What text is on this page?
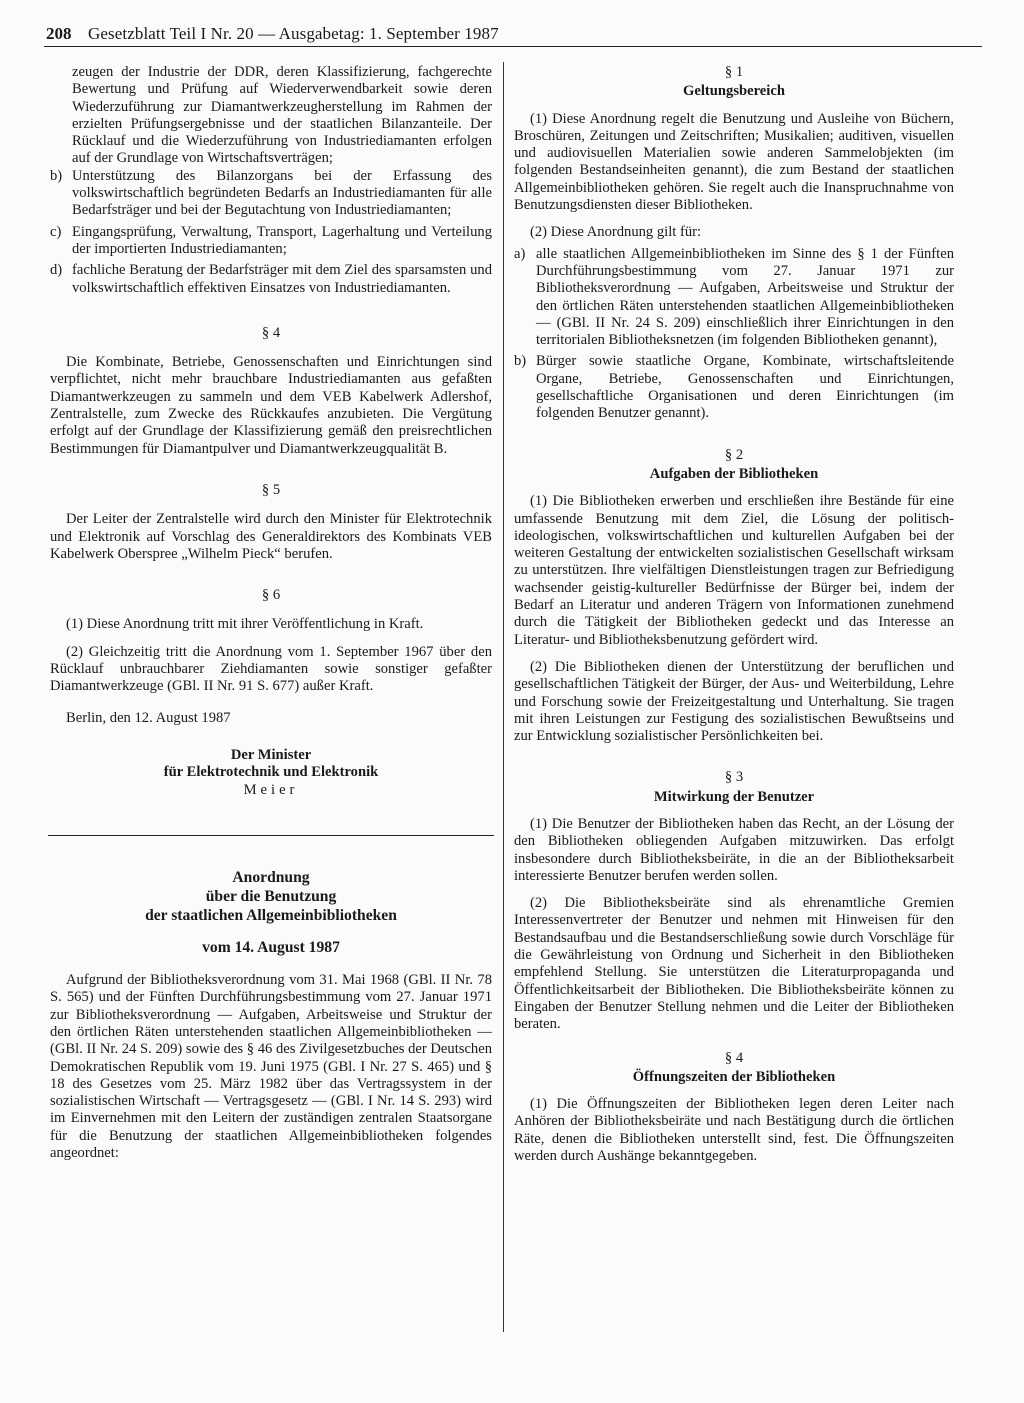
208 Gesetzblatt Teil I Nr. 20 — Ausgabetag: 1. September 1987

zeugen der Industrie der DDR, deren Klassifizierung, fachgerechte Bewertung und Prüfung auf Wiederverwendbarkeit sowie deren Wiederzuführung zur Diamantwerkzeugherstellung im Rahmen der erzielten Prüfungsergebnisse und der staatlichen Bilanzanteile. Der Rücklauf und die Wiederzuführung von Industriediamanten erfolgen auf der Grundlage von Wirtschaftsverträgen;

b) Unterstützung des Bilanzorgans bei der Erfassung des volkswirtschaftlich begründeten Bedarfs an Industriediamanten für alle Bedarfsträger und bei der Begutachtung von Industriediamanten;
c) Eingangsprüfung, Verwaltung, Transport, Lagerhaltung und Verteilung der importierten Industriediamanten;
d) fachliche Beratung der Bedarfsträger mit dem Ziel des sparsamsten und volkswirtschaftlich effektiven Einsatzes von Industriediamanten.
§ 4

Die Kombinate, Betriebe, Genossenschaften und Einrichtungen sind verpflichtet, nicht mehr brauchbare Industriediamanten aus gefaßten Diamantwerkzeugen zu sammeln und dem VEB Kabelwerk Adlershof, Zentralstelle, zum Zwecke des Rückkaufes anzubieten. Die Vergütung erfolgt auf der Grundlage der Klassifizierung gemäß den preisrechtlichen Bestimmungen für Diamantpulver und Diamantwerkzeugqualität B.

§ 5

Der Leiter der Zentralstelle wird durch den Minister für Elektrotechnik und Elektronik auf Vorschlag des Generaldirektors des Kombinats VEB Kabelwerk Oberspree „Wilhelm Pieck“ berufen.

§ 6

(1) Diese Anordnung tritt mit ihrer Veröffentlichung in Kraft.

(2) Gleichzeitig tritt die Anordnung vom 1. September 1967 über den Rücklauf unbrauchbarer Ziehdiamanten sowie sonstiger gefaßter Diamantwerkzeuge (GBl. II Nr. 91 S. 677) außer Kraft.

Berlin, den 12. August 1987

Der Minister
für Elektrotechnik und Elektronik
Meier
Anordnung
über die Benutzung
der staatlichen Allgemeinbibliotheken
vom 14. August 1987

Aufgrund der Bibliotheksverordnung vom 31. Mai 1968 (GBl. II Nr. 78 S. 565) und der Fünften Durchführungsbestimmung vom 27. Januar 1971 zur Bibliotheksverordnung — Aufgaben, Arbeitsweise und Struktur der den örtlichen Räten unterstehenden staatlichen Allgemeinbibliotheken — (GBl. II Nr. 24 S. 209) sowie des § 46 des Zivilgesetzbuches der Deutschen Demokratischen Republik vom 19. Juni 1975 (GBl. I Nr. 27 S. 465) und § 18 des Gesetzes vom 25. März 1982 über das Vertragssystem in der sozialistischen Wirtschaft — Vertragsgesetz — (GBl. I Nr. 14 S. 293) wird im Einvernehmen mit den Leitern der zuständigen zentralen Staatsorgane für die Benutzung der staatlichen Allgemeinbibliotheken folgendes angeordnet:

§ 1
Geltungsbereich

(1) Diese Anordnung regelt die Benutzung und Ausleihe von Büchern, Broschüren, Zeitungen und Zeitschriften; Musikalien; auditiven, visuellen und audiovisuellen Materialien sowie anderen Sammelobjekten (im folgenden Bestandseinheiten genannt), die zum Bestand der staatlichen Allgemeinbibliotheken gehören. Sie regelt auch die Inanspruchnahme von Benutzungsdiensten dieser Bibliotheken.

(2) Diese Anordnung gilt für:

a) alle staatlichen Allgemeinbibliotheken im Sinne des § 1 der Fünften Durchführungsbestimmung vom 27. Januar 1971 zur Bibliotheksverordnung — Aufgaben, Arbeitsweise und Struktur der den örtlichen Räten unterstehenden staatlichen Allgemeinbibliotheken — (GBl. II Nr. 24 S. 209) einschließlich ihrer Einrichtungen in den territorialen Bibliotheksnetzen (im folgenden Bibliotheken genannt),
b) Bürger sowie staatliche Organe, Kombinate, wirtschaftsleitende Organe, Betriebe, Genossenschaften und Einrichtungen, gesellschaftliche Organisationen und deren Einrichtungen (im folgenden Benutzer genannt).
§ 2
Aufgaben der Bibliotheken

(1) Die Bibliotheken erwerben und erschließen ihre Bestände für eine umfassende Benutzung mit dem Ziel, die Lösung der politisch-ideologischen, volkswirtschaftlichen und kulturellen Aufgaben bei der weiteren Gestaltung der entwickelten sozialistischen Gesellschaft wirksam zu unterstützen. Ihre vielfältigen Dienstleistungen tragen zur Befriedigung wachsender geistig-kultureller Bedürfnisse der Bürger bei, indem der Bedarf an Literatur und anderen Trägern von Informationen zunehmend durch die Tätigkeit der Bibliotheken gedeckt und das Interesse an Literatur- und Bibliotheksbenutzung gefördert wird.

(2) Die Bibliotheken dienen der Unterstützung der beruflichen und gesellschaftlichen Tätigkeit der Bürger, der Aus- und Weiterbildung, Lehre und Forschung sowie der Freizeitgestaltung und Unterhaltung. Sie tragen mit ihren Leistungen zur Festigung des sozialistischen Bewußtseins und zur Entwicklung sozialistischer Persönlichkeiten bei.

§ 3
Mitwirkung der Benutzer

(1) Die Benutzer der Bibliotheken haben das Recht, an der Lösung der den Bibliotheken obliegenden Aufgaben mitzuwirken. Das erfolgt insbesondere durch Bibliotheksbeiräte, in die an der Bibliotheksarbeit interessierte Benutzer berufen werden sollen.

(2) Die Bibliotheksbeiräte sind als ehrenamtliche Gremien Interessenvertreter der Benutzer und nehmen mit Hinweisen für den Bestandsaufbau und die Bestandserschließung sowie durch Vorschläge für die Gewährleistung von Ordnung und Sicherheit in den Bibliotheken empfehlend Stellung. Sie unterstützen die Literaturpropaganda und Öffentlichkeitsarbeit der Bibliotheken. Die Bibliotheksbeiräte können zu Eingaben der Benutzer Stellung nehmen und die Leiter der Bibliotheken beraten.

§ 4
Öffnungszeiten der Bibliotheken

(1) Die Öffnungszeiten der Bibliotheken legen deren Leiter nach Anhören der Bibliotheksbeiräte und nach Bestätigung durch die örtlichen Räte, denen die Bibliotheken unterstellt sind, fest. Die Öffnungszeiten werden durch Aushänge bekanntgegeben.
